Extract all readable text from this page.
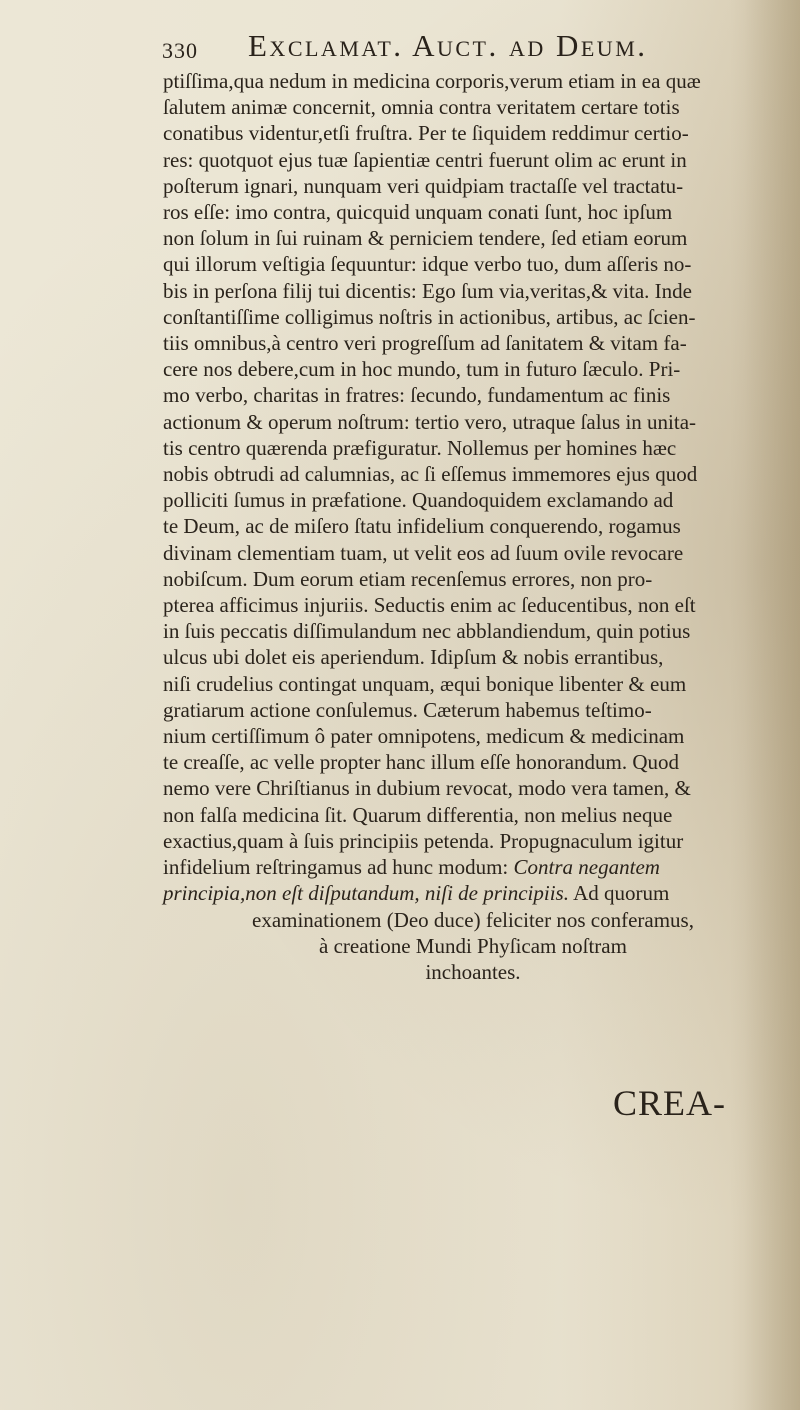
330 Exclamat. Auct. ad Deum.
ptiſſima,qua nedum in medicina corporis,verum etiam in ea quæ
ſalutem animæ concernit, omnia contra veritatem certare totis
conatibus videntur,etſi fruſtra. Per te ſiquidem reddimur certio-
res: quotquot ejus tuæ ſapientiæ centri fuerunt olim ac erunt in
poſterum ignari, nunquam veri quidpiam tractaſſe vel tractatu-
ros eſſe: imo contra, quicquid unquam conati ſunt, hoc ipſum
non ſolum in ſui ruinam & perniciem tendere, ſed etiam eorum
qui illorum veſtigia ſequuntur: idque verbo tuo, dum aſſeris no-
bis in perſona filij tui dicentis: Ego ſum via,veritas,& vita. Inde
conſtantiſſime colligimus noſtris in actionibus, artibus, ac ſcien-
tiis omnibus,à centro veri progreſſum ad ſanitatem & vitam fa-
cere nos debere,cum in hoc mundo, tum in futuro ſæculo. Pri-
mo verbo, charitas in fratres: ſecundo, fundamentum ac finis
actionum & operum noſtrum: tertio vero, utraque ſalus in unita-
tis centro quærenda præfiguratur. Nollemus per homines hæc
nobis obtrudi ad calumnias, ac ſi eſſemus immemores ejus quod
polliciti ſumus in præfatione. Quandoquidem exclamando ad
te Deum, ac de miſero ſtatu infidelium conquerendo, rogamus
divinam clementiam tuam, ut velit eos ad ſuum ovile revocare
nobiſcum. Dum eorum etiam recenſemus errores, non pro-
pterea afficimus injuriis. Seductis enim ac ſeducentibus, non eſt
in ſuis peccatis diſſimulandum nec abblandiendum, quin potius
ulcus ubi dolet eis aperiendum. Idipſum & nobis errantibus,
niſi crudelius contingat unquam, æqui bonique libenter & eum
gratiarum actione conſulemus. Cæterum habemus teſtimo-
nium certiſſimum ô pater omnipotens, medicum & medicinam
te creaſſe, ac velle propter hanc illum eſſe honorandum. Quod
nemo vere Chriſtianus in dubium revocat, modo vera tamen, &
non falſa medicina ſit. Quarum differentia, non melius neque
exactius,quam à ſuis principiis petenda. Propugnaculum igitur
infidelium reſtringamus ad hunc modum: Contra negantem
principia,non eſt diſputandum, niſi de principiis. Ad quorum
examinationem (Deo duce) feliciter nos conferamus,
à creatione Mundi Phyſicam noſtram
inchoantes.
CREA-
